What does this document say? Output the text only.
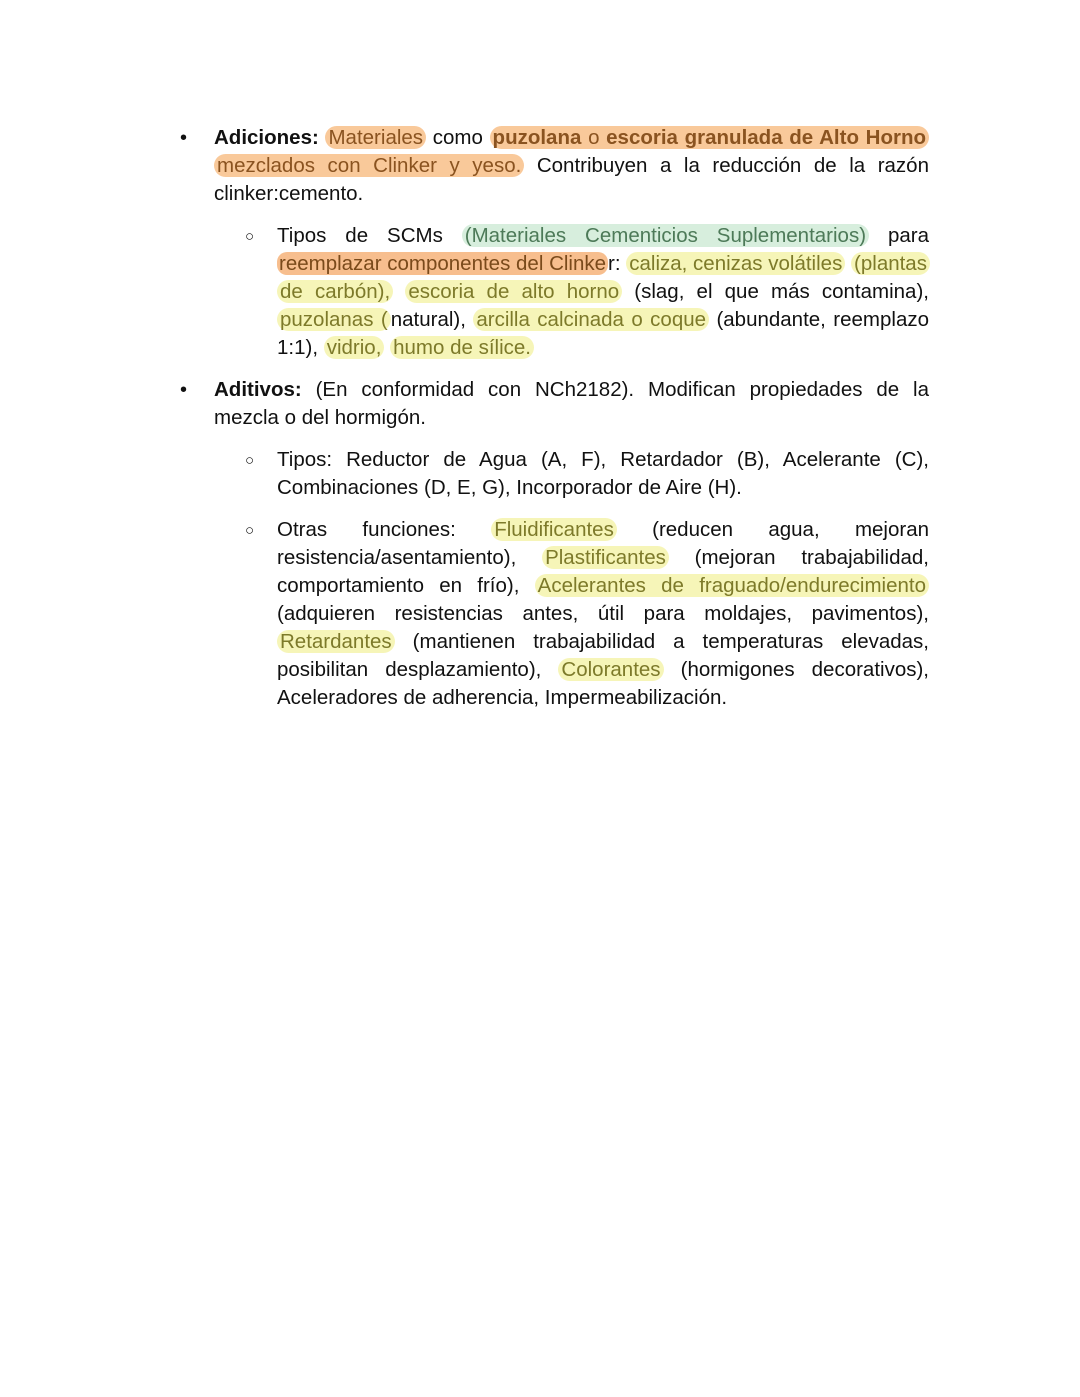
• Adiciones: Materiales como puzolana o escoria granulada de Alto Horno
mezclados con Clinker y yeso. Contribuyen a la reducción de la razón
clinker:cemento.
○ Tipos de SCMs (Materiales Cementicios Suplementarios) para
reemplazar componentes del Clinker: caliza, cenizas volátiles (plantas
de carbón), escoria de alto horno (slag, el que más contamina),
puzolanas ( natural), arcilla calcinada o coque (abundante, reemplazo
1:1), vidrio, humo de sílice.
• Aditivos: (En conformidad con NCh2182). Modifican propiedades de la
mezcla o del hormigón.
○ Tipos: Reductor de Agua (A, F), Retardador (B), Acelerante (C),
Combinaciones (D, E, G), Incorporador de Aire (H).
○ Otras funciones: Fluidificantes (reducen agua, mejoran
resistencia/asentamiento), Plastificantes (mejoran trabajabilidad,
comportamiento en frío), Acelerantes de fraguado/endurecimiento
(adquieren resistencias antes, útil para moldajes, pavimentos),
Retardantes (mantienen trabajabilidad a temperaturas elevadas,
posibilitan desplazamiento), Colorantes (hormigones decorativos),
Aceleradores de adherencia, Impermeabilización.
